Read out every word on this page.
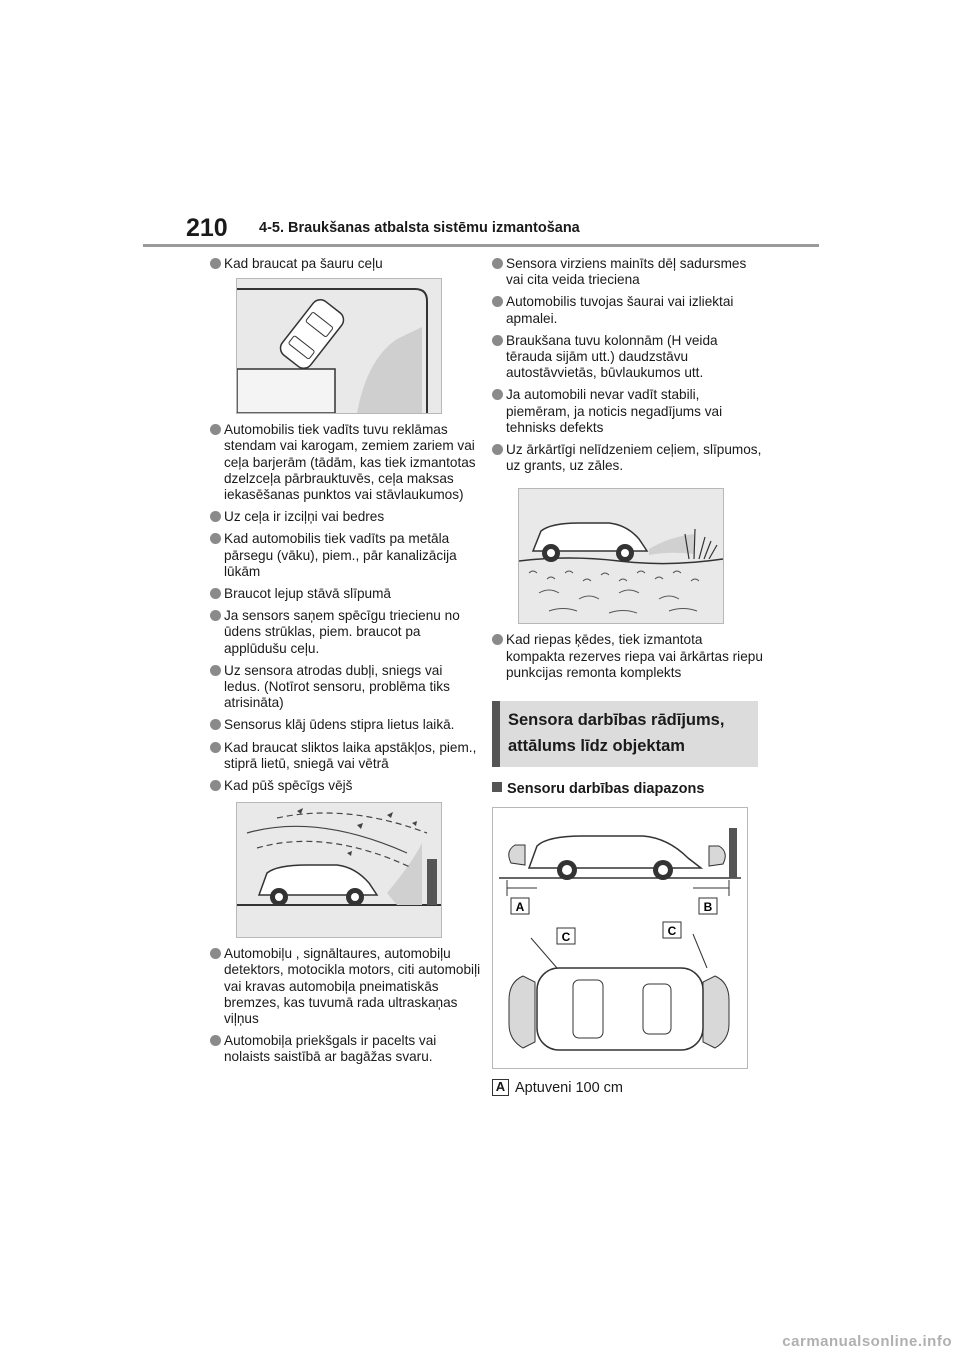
210 4-5. Braukšanas atbalsta sistēmu izmantošana
Kad braucat pa šauru ceļu
Automobilis tiek vadīts tuvu reklāmas stendam vai karogam, zemiem zariem vai ceļa barjerām (tādām, kas tiek izmantotas dzelzceļa pārbrauktuvēs, ceļa maksas iekasēšanas punktos vai stāvlaukumos)
Uz ceļa ir izciļņi vai bedres
Kad automobilis tiek vadīts pa metāla pārsegu (vāku), piem., pār kanalizācija lūkām
Braucot lejup stāvā slīpumā
Ja sensors saņem spēcīgu triecienu no ūdens strūklas, piem. braucot pa applūdušu ceļu.
Uz sensora atrodas dubļi, sniegs vai ledus. (Notīrot sensoru, problēma tiks atrisināta)
Sensorus klāj ūdens stipra lietus laikā.
Kad braucat sliktos laika apstākļos, piem., stiprā lietū, sniegā vai vētrā
Kad pūš spēcīgs vējš
Automobiļu , signāltaures, automobiļu detektors, motocikla motors, citi automobiļi vai kravas automobiļa pneimatiskās bremzes, kas tuvumā rada ultraskaņas viļņus
Automobiļa priekšgals ir pacelts vai nolaists saistībā ar bagāžas svaru.
Sensora virziens mainīts dēļ sadursmes vai cita veida trieciena
Automobilis tuvojas šaurai vai izliektai apmalei.
Braukšana tuvu kolonnām (H veida tērauda sijām utt.) daudzstāvu autostāvvietās, būvlaukumos utt.
Ja automobili nevar vadīt stabili, piemēram, ja noticis negadījums vai tehnisks defekts
Uz ārkārtīgi nelīdzeniem ceļiem, slīpumos, uz grants, uz zāles.
Kad riepas ķēdes, tiek izmantota kompakta rezerves riepa vai ārkārtas riepu punkcijas remonta komplekts
Sensora darbības rādījums,
attālums līdz objektam
Sensoru darbības diapazons
A	B
C	C
A Aptuveni 100 cm
carmanualsonline.info
